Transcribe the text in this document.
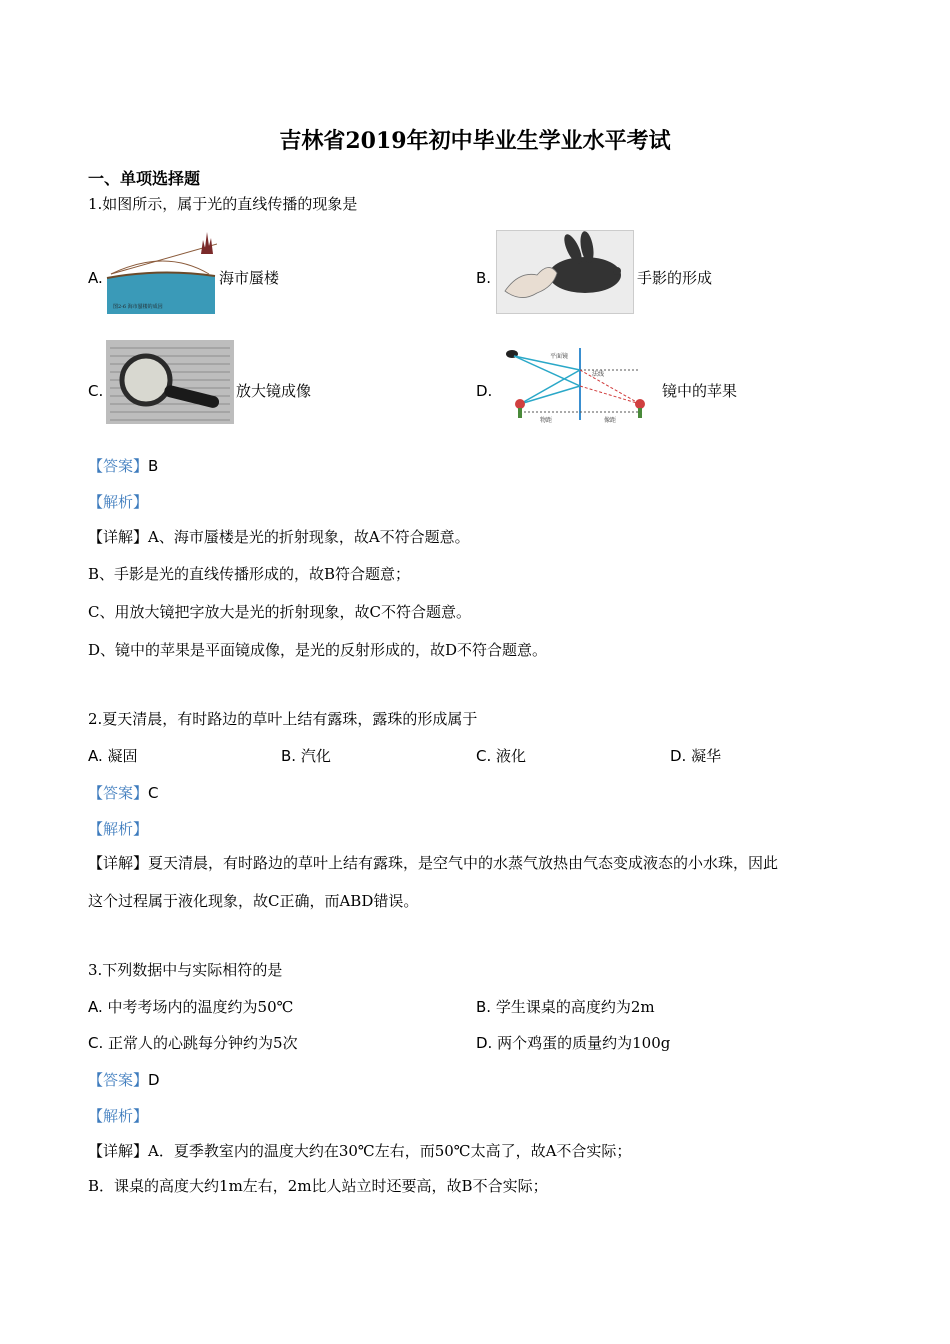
吉林省2019年初中毕业生学业水平考试
一、单项选择题
1.如图所示，属于光的直线传播的现象是
A.
图2-6 海市蜃楼的成因
海市蜃楼	B.	手影的形成
C.	放大镜成像	D.
平面镜
法线
物距	像距
镜中的苹果
【答案】B
【解析】
【详解】A、海市蜃楼是光的折射现象，故A不符合题意。
B、手影是光的直线传播形成的，故B符合题意；
C、用放大镜把字放大是光的折射现象，故C不符合题意。
D、镜中的苹果是平面镜成像，是光的反射形成的，故D不符合题意。
2.夏天清晨，有时路边的草叶上结有露珠，露珠的形成属于
A. 凝固	B. 汽化	C. 液化	D. 凝华
【答案】C
【解析】
【详解】夏天清晨，有时路边的草叶上结有露珠，是空气中的水蒸气放热由气态变成液态的小水珠，因此
这个过程属于液化现象，故C正确，而ABD错误。
3.下列数据中与实际相符的是
A. 中考考场内的温度约为50℃	B. 学生课桌的高度约为2m
C. 正常人的心跳每分钟约为5次	D. 两个鸡蛋的质量约为100g
【答案】D
【解析】
【详解】A．夏季教室内的温度大约在30℃左右，而50℃太高了，故A不合实际；
B．课桌的高度大约1m左右，2m比人站立时还要高，故B不合实际；
